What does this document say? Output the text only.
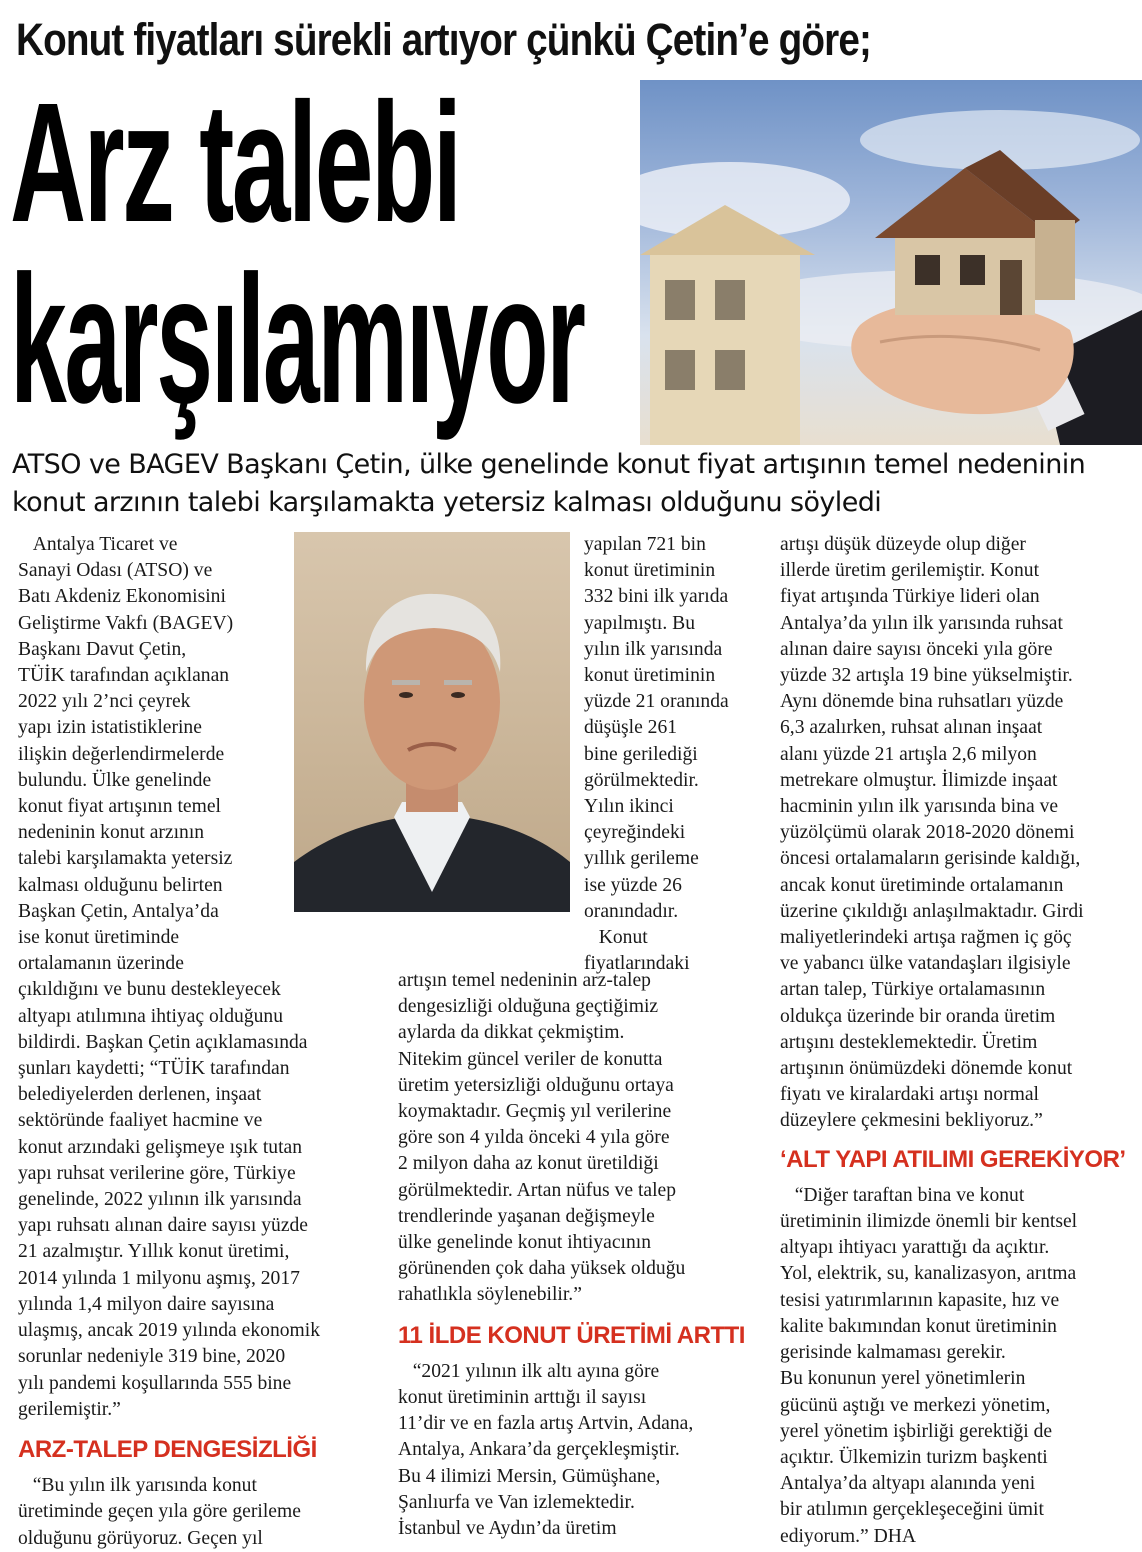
Konut fiyatları sürekli artıyor çünkü Çetin’e göre;
Arz talebi
karşılamıyor
ATSO ve BAGEV Başkanı Çetin, ülke genelinde konut fiyat artışının temel nedeninin konut arzının talebi karşılamakta yetersiz kalması olduğunu söyledi

Antalya Ticaret ve

Sanayi Odası (ATSO) ve

Batı Akdeniz Ekonomisini

Geliştirme Vakfı (BAGEV)

Başkanı Davut Çetin,

TÜİK tarafından açıklanan

2022 yılı 2’nci çeyrek

yapı izin istatistiklerine

ilişkin değerlendirmelerde

bulundu. Ülke genelinde

konut fiyat artışının temel

nedeninin konut arzının

talebi karşılamakta yetersiz

kalması olduğunu belirten

Başkan Çetin, Antalya’da

ise konut üretiminde

ortalamanın üzerinde

çıkıldığını ve bunu destekleyecek

altyapı atılımına ihtiyaç olduğunu

bildirdi. Başkan Çetin açıklamasında

şunları kaydetti; “TÜİK tarafından

belediyelerden derlenen, inşaat

sektöründe faaliyet hacmine ve

konut arzındaki gelişmeye ışık tutan

yapı ruhsat verilerine göre, Türkiye

genelinde, 2022 yılının ilk yarısında

yapı ruhsatı alınan daire sayısı yüzde

21 azalmıştır. Yıllık konut üretimi,

2014 yılında 1 milyonu aşmış, 2017

yılında 1,4 milyon daire sayısına

ulaşmış, ancak 2019 yılında ekonomik

sorunlar nedeniyle 319 bine, 2020

yılı pandemi koşullarında 555 bine

gerilemiştir.”

ARZ-TALEP DENGESİZLİĞİ

“Bu yılın ilk yarısında konut

üretiminde geçen yıla göre gerileme

olduğunu görüyoruz. Geçen yıl

yapılan 721 bin

konut üretiminin

332 bini ilk yarıda

yapılmıştı. Bu

yılın ilk yarısında

konut üretiminin

yüzde 21 oranında

düşüşle 261

bine gerilediği

görülmektedir.

Yılın ikinci

çeyreğindeki

yıllık gerileme

ise yüzde 26

oranındadır.

Konut

fiyatlarındaki

artışın temel nedeninin arz-talep

dengesizliği olduğuna geçtiğimiz

aylarda da dikkat çekmiştim.

Nitekim güncel veriler de konutta

üretim yetersizliği olduğunu ortaya

koymaktadır. Geçmiş yıl verilerine

göre son 4 yılda önceki 4 yıla göre

2 milyon daha az konut üretildiği

görülmektedir. Artan nüfus ve talep

trendlerinde yaşanan değişmeyle

ülke genelinde konut ihtiyacının

görünenden çok daha yüksek olduğu

rahatlıkla söylenebilir.”

11 İLDE KONUT ÜRETİMİ ARTTI

“2021 yılının ilk altı ayına göre

konut üretiminin arttığı il sayısı

11’dir ve en fazla artış Artvin, Adana,

Antalya, Ankara’da gerçekleşmiştir.

Bu 4 ilimizi Mersin, Gümüşhane,

Şanlıurfa ve Van izlemektedir.

İstanbul ve Aydın’da üretim

artışı düşük düzeyde olup diğer

illerde üretim gerilemiştir. Konut

fiyat artışında Türkiye lideri olan

Antalya’da yılın ilk yarısında ruhsat

alınan daire sayısı önceki yıla göre

yüzde 32 artışla 19 bine yükselmiştir.

Aynı dönemde bina ruhsatları yüzde

6,3 azalırken, ruhsat alınan inşaat

alanı yüzde 21 artışla 2,6 milyon

metrekare olmuştur. İlimizde inşaat

hacminin yılın ilk yarısında bina ve

yüzölçümü olarak 2018-2020 dönemi

öncesi ortalamaların gerisinde kaldığı,

ancak konut üretiminde ortalamanın

üzerine çıkıldığı anlaşılmaktadır. Girdi

maliyetlerindeki artışa rağmen iç göç

ve yabancı ülke vatandaşları ilgisiyle

artan talep, Türkiye ortalamasının

oldukça üzerinde bir oranda üretim

artışını desteklemektedir. Üretim

artışının önümüzdeki dönemde konut

fiyatı ve kiralardaki artışı normal

düzeylere çekmesini bekliyoruz.”

‘ALT YAPI ATILIMI GEREKİYOR’

“Diğer taraftan bina ve konut

üretiminin ilimizde önemli bir kentsel

altyapı ihtiyacı yarattığı da açıktır.

Yol, elektrik, su, kanalizasyon, arıtma

tesisi yatırımlarının kapasite, hız ve

kalite bakımından konut üretiminin

gerisinde kalmaması gerekir.

Bu konunun yerel yönetimlerin

gücünü aştığı ve merkezi yönetim,

yerel yönetim işbirliği gerektiği de

açıktır. Ülkemizin turizm başkenti

Antalya’da altyapı alanında yeni

bir atılımın gerçekleşeceğini ümit

ediyorum.” DHA
